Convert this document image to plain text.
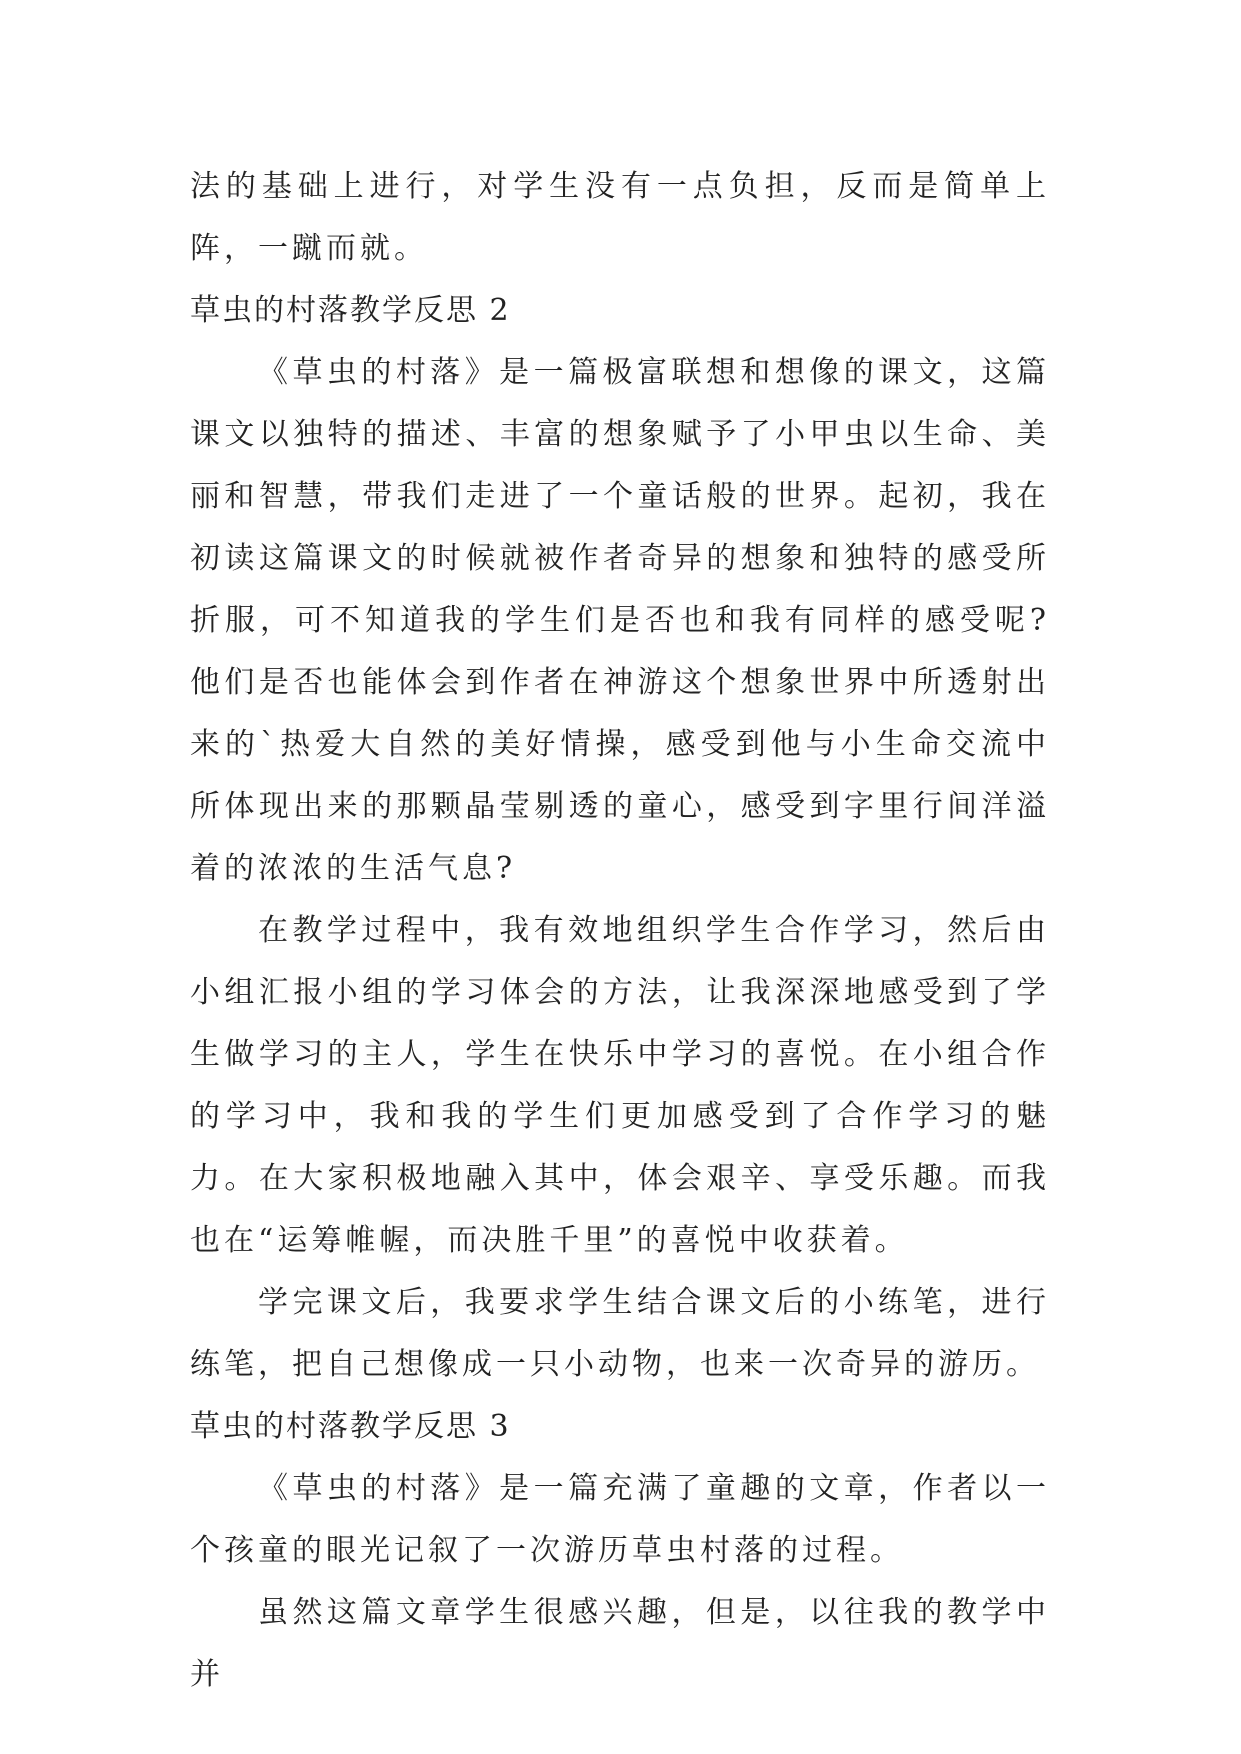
法的基础上进行，对学生没有一点负担，反而是简单上阵，一蹴而就。

草虫的村落教学反思 2

《草虫的村落》是一篇极富联想和想像的课文，这篇课文以独特的描述、丰富的想象赋予了小甲虫以生命、美丽和智慧，带我们走进了一个童话般的世界。起初，我在初读这篇课文的时候就被作者奇异的想象和独特的感受所折服，可不知道我的学生们是否也和我有同样的感受呢?他们是否也能体会到作者在神游这个想象世界中所透射出来的`热爱大自然的美好情操，感受到他与小生命交流中所体现出来的那颗晶莹剔透的童心，感受到字里行间洋溢着的浓浓的生活气息?

在教学过程中，我有效地组织学生合作学习，然后由小组汇报小组的学习体会的方法，让我深深地感受到了学生做学习的主人，学生在快乐中学习的喜悦。在小组合作的学习中，我和我的学生们更加感受到了合作学习的魅力。在大家积极地融入其中，体会艰辛、享受乐趣。而我也在“运筹帷幄，而决胜千里”的喜悦中收获着。

学完课文后，我要求学生结合课文后的小练笔，进行练笔，把自己想像成一只小动物，也来一次奇异的游历。

草虫的村落教学反思 3

《草虫的村落》是一篇充满了童趣的文章，作者以一个孩童的眼光记叙了一次游历草虫村落的过程。

虽然这篇文章学生很感兴趣，但是，以往我的教学中并
